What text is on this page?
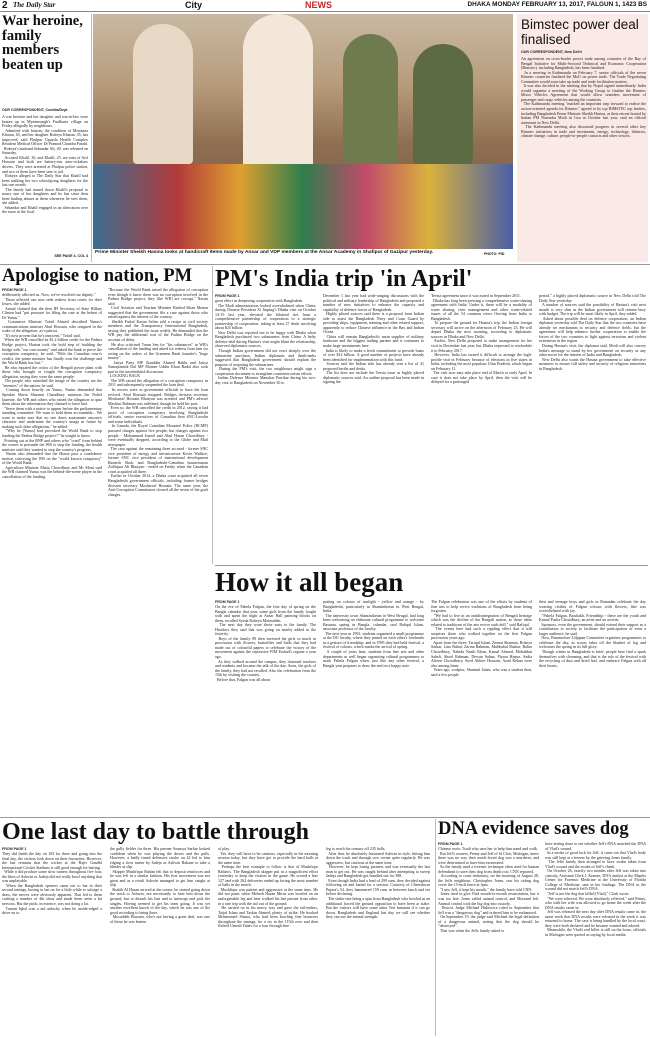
2 The Daily Star	City	NEWS	DHAKA MONDAY FEBRUARY 13, 2017, FALGUN 1, 1423 BS
War heroine, family members beaten up
OUR CORRESPONDENT, Comilla/Dept
A war heroine and her daughter and son-in-law were beaten up in Mymensingh's Fuulbaria village on Friday allegedly by neighbours.
Admitted with bruises, the condition of Momtaza Khatun, 65, and her daughter Rokeya Khatun, 35, has improved, said Phulpur Upazila Health Complex Resident Medical Officer Dr Pramod Chandra Pandit.
Rokeya's husband Sekandar Ali, 40, was released on Saturday.
Accused Khalil, 30, and Khalil, 25, are sons of Arif Hossain and both are battery-run auto-rickshaw drivers. They were arrested at Phulpur police station, and two of them have been sent to jail.
Rokeya alleged to The Daily Star that Khalil had been stalking her two schoolgoing daughters for the last one month.
The family had turned down Khalil's proposal to marry one of her daughters and he has since then been hurling abuses at them whenever he sees them, she added.
Sekandar and Khalil engaged in an altercation over the issue at the local
SEE PAGE 4, COL 3
Prime Minister Sheikh Hasina looks at handicraft items made by Ansar and VDP members at the Ansar Academy in Shafipur of Gazipur yesterday.	PHOTO: PID
Bimstec power deal finalised
OUR CORRESPONDENT, New Delhi
An agreement on cross-border power trade among countries of the Bay of Bengal Initiative for Multi-Sectoral Technical and Economic Cooperation (Bimstec), including Bangladesh, has been finalised.
In a meeting in Kathmandu on February 7, senior officials of the seven Bimstec countries finalised the MoU on power trade. The Trade Negotiating Committee would soon take up trade and trade facilitation matters.
It was also decided in the meeting that by Nepal signed immediately. India would organise a meeting of the Working Group to finalise the Bimstec Motor Vehicles Agreement that would allow seamless movement of passenger and cargo vehicles among the countries.
The Kathmandu meeting "marked an important step forward to realise the action-oriented agenda for Bimstec" agreed to by top BIMSTEC top leaders, including Bangladesh Prime Minister Sheikh Hasina, at their retreat hosted by Indian PM Narendra Modi in Goa in October last year, said an official statement in New Delhi.
The Kathmandu meeting also discussed progress in several other key Bimstec initiatives in trade and investment, energy, technology, fisheries, climate change, culture, people-to-people contacts and other sectors.
Apologise to nation, PM
FROM PAGE 1
deliberately affected us. Now, we've resolved our dignity."
Those affected can now seek redress from courts for their losses, she added.
Amaal claimed that the then IFI Secretary of State Hillary Clinton had "put pressure for filing the case at the behest of Dr Yunus."
Commerce Minister Tofail Ahmed described Yunus's communications minister Abul Hossain, who resigned in the wake of the allegation, as a patriot.
"It's now proven that he's innocent," Tofail said.
When the WB cancelled its $1.2 billion credit for the Padma Bridge project, Hasina took the bold step of building the bridge with "our own money" and asked the bank to prove the corruption conspiracy, he said. "With the Canadian court's verdict, the prime minister has finally won the challenge and the World Bank has lost."
He also equated the critics of the Bengali power plant with those who brought or fought the corruption conspiracy allegation, saying they were the same people.
The people who tarnished the image of the country are the "enemies" of the nation, he said.
Coming down heavily on Yunus, Nasim demanded that Speaker Shirin Sharmin Chaudhury summon the Nobel laureate, the WB and others who raised the allegation to quiz them about the information they claimed to have had.
"Serve them with a notice to appear before the parliamentary standing committee. We want to hold them accountable... We want to make sure that no one dares assassinate anyone's character and undermine the country's image in future by making such false allegations," he added.
"Why he [Yunus] had provoked the World Bank to stop funding the Padma Bridge project?" he sought to know.
Pointing out at the BNP and others who "cried" from behind the scenes to persuade the WB to stop the funding, the health minister said they wanted to stop the country's progress.
Nasim also demanded that the House pass a condolence motion criticising the WB on the "world known conspiracy" of the World Bank.
Agriculture Minister Matia Chowdhury and Mr Moni said the WB claimed Yunus was the behind-the-scene player in the cancellation of the funding.
"Because the World Bank raised the allegation of corruption even though it knew there was no corruption involved in the Padma Bridge project, they [the WB] are corrupt," Nasim said.
Civil Aviation and Tourism Minister Rashed Khan Menon suggested that the government file a case against those who raised against the interest of the country.
Sheikh Fazlul Karim Selim told a recipe at civil society members and the Transparency International Bangladesh, saying they published the issue widely. He demanded that the WB pay the additional cost of the Padma Bridge on the account of delay.
He also criticised Tarun Sen for "his substances" in WB's cancellation of the funding and asked for redress from him for acting on the orders of the Grameen Bank founder's "huge money".
Jatiya Party MP Ziauddin Ahmed Bablu and Jatiya Samajtantrik Dal MP Moinee Uddin Khan Badal also took part in the unscheduled discussion.
LOCKING BACK
The WB raised the allegation of a corruption conspiracy in 2011 and subsequently suspended the loan deal.
Its moves were as government officials to have the loan revived. Abul Hossain resigned. Bridges division secretary Mosharraf Hossain Bhuiyan was arrested and PM's adviser Mashiur Rahman was sidelined, though he held his post.
Even so, the WB cancelled the credit in 2012, saying it had proof of corruption conspiracy involving Bangladeshi officials, senior executives of Canadian firm SNC-Lavalin and some individuals.
In Canada, the Royal Canadian Mounted Police (RCMP) pursued charges against five people, but charges against two people - Mohammad Ismail and Abul Hasan Chowdhury - were eventually dropped, according to the Globe and Mail newspaper.
The case against the remaining three accused - former SNC vice president of energy and infrastructure Kevin Wallace, former SNC vice president of international development Ramesh Shah, and Bangladeshi-Canadian businessman Zulfiquar Ali Bhuiyan - ended on Friday when the Canadian court acquitted all three.
Earlier in October 2014, a Dhaka court acquitted all seven Bangladeshi government officials, including former bridges division secretary Mosharraf Hossain. The same year, the Anti-Corruption Commission cleared all the seven of the graft charges.
PM's India trip 'in April'
FROM PAGE 1
great effect in deepening cooperation with Bangladesh.
The Modi administration looked overwhelmed when China, during Chinese President Xi Jinping's Dhaka visit on October 14-15 last year, elevated the bilateral ties from a comprehensive partnership of cooperation to a strategic partnership of cooperation, inking at least 27 deals involving about $25 billion.
New Delhi was reported not to be happy with Dhaka when Bangladesh purchased two submarines from China. A hefty defence deal during Hasina's visit might blunt the relationship, observed diplomatic sources.
Though Indian government did not react sharply over the submarine purchase, Indian diplomats and think-tanks suggested that Bangladesh government should explain the purpose of acquiring the submarines.
During the PM's visit, the two neighbours might sign a cooperation document to strengthen counterterrorism efforts.
Indian Defence Minister Manohar Parrikar during his two-day visit to Bangladesh on November 30 to
December 1 last year had wide-ranging discussions with the political and military leadership of Bangladesh and proposed a number of new initiatives to enhance the capacity and capability of defence forces of Bangladesh.
Highly placed sources said there is a proposal from Indian side to assist the Bangladesh Navy and Coast Guard by providing ships, equipment, training and other related support, apparently to reduce Chinese influence in the Bay and Indian Ocean.
China will remain Bangladesh's main supplier of military hardware and the biggest trading partner and it continues to make large investments here.
India is likely to make a fresh commitment to provide loans of over $12 billion. A good number of projects have already been identified for implementation with this fund.
Sources said the Indian side has already sent a list of 41 proposed berths and desks.
The list does not include the Teesta issue as highly placed diplomatic sources said. An outline proposal has been made in signing the
Teesta agreement since it was mired in September 2011.
Dhaka has long been pressing a comprehensive water-sharing agreement with India. Under it, there will be a modality of water sharing, river management and other water-related issues of all the 54 common rivers flowing from India to Bangladesh.
To prepare the ground for Hasina's trip, the Indian foreign secretary will arrive on the afternoon of February 23. He will depart Dhaka the next morning, according to diplomatic sources in Dhaka and New Delhi.
Earlier, New Delhi proposed to make arrangement for her visit in December last year, but Dhaka requested to reschedule it to February 2017.
However, India has turned it difficult to arrange the high-profile visit in February because of elections in five states in India, including the most populous Uttar Pradesh, which began on February 11.
The visit now may take place end of March or early April. In case it does not take place by April, then the visit will be delayed for a prolonged
period," a highly placed diplomatic source in New Delhi told The Daily Star yesterday.
A number of sources said the possibility of Hasina's visit next month is very slim as the Indian government will remain busy with budget. The trip will be most likely in April, they added.
Asked about possible deal on defence cooperation, an Indian diplomat yesterday told The Daily Star that the two countries have already set mechanism to security and defence fields, but the agreement will help enhance further cooperation to enable the forces of the two countries to fight against terrorism and violent extremism in the region.
During Hasina's visit, the diplomat said, Modi will also convey India's message to stand by her government on security as any other move for the interest of India and Bangladesh.
New Delhi also wants the Hasina government to take effective measures to ensure full safety and security of religious minorities in Bangladesh.
How it all began
FROM PAGE 1
On the eve of Pahela Falgun, the first day of spring on the Bangla calendar that year, some girls from the family fought with and spent the night at Ansar Hall painting blocks on them, recalled Syeda Rokeya Moinuddin.
The next day they wore those saris to the family. The Hawkers they said that was going on nearby added to the festivity.
Boys of the family 89 then invested the girls so much in procession with flowers, butterflies and birds that they had made out of colourful papers to celebrate the victory of the movement against the repressive FIM Ershad's regime a year ago.
As they walked around the campus, they charmed teachers and students and became the talk of the day. Soon, the girls of the family, they had not recalled. Also the celebration from the 15th by visiting the country.
Before that, Falgun was all about
putting on colours of sunlight - yellow and orange - by Bangladeshi, particularly in Shantiniketan in West Bengal, India.
The university town Shantiniketan in West Bengal, had long been welcoming an elaborate cultural programme to welcome Basanta, spring in Bangla, calendar, said Rafiqul Islam, associate professor of the faculty.
The next year in 1992, students organised a small programme at the DU faculty, where they pasted on each other's foreheads in a gesture of friendship; and in 1995 they had held festival, a festival of colours, which marks the arrival of spring.
A couple of years later, students from fine arts and other departments as well began organising cultural programmes to mark Pahela Falgun when, just like any other festival, a Bangla year prepares to draw the end on a happy note.
The Falgun celebration was one of the efforts by students of fine arts to help revive traditions of Bangladesh from being forgotten.
"We had to live in an antidisintegration of Bengali heritage which was the decline of the Bengali nation, as those ideas related to traditions of the arts revive such dull," said Rafiqul.
The events here had such a rippling effect that it still surprises those who walked together on the first Falgun procession years ago.
Apart from the three, Tariqul Islam, Zeenat Sharmin, Rokeya Sarkar, Lina Babul, Zarina Rahman, Mahbubul Bashar, Bahar Chowdhury, Nahida Nazib Khan, Kamal Ahmed, Mohabbut Saheli, Shoel Rahman, Dewan Sahan, Piyara Haque, Sadia Afreen Chowdhury, Syed Akhter Hossain, Azad Rehan were also among them.
Years ago, sculptor, Shamsul Islam, who was a student then, said a few people
then and teenage boys and girls in Ramadan celebrate the day wearing clothes of Falgun colours with flowers, like was overwhelmed with joy.
"Pahela Falgun, Baishakh, Friendship - these are the youth and Kamal Pasha Chowdhury, an artist and an activist.
Sponsors, even the government, should extend their support as a contribution to society to facilitate the participation of even a larger audience, he said.
Now, Basantotsav Udjapan Committee organises programmes to celebrate the day, as scores takes off the blanket of fog and welcomes the spring in its full glory.
Though winter in Bangladesh is brief, people here find a spark themselves with cleansing, and that is the role of the festival with the recycling of dust and dried leaf, and embrace Falgun with all their hearts.
One last day to battle through
FROM PAGE 1
They did finish the day on 103 for three and going into the final day, the visitors look down on their favourites. However, the last remains that the wicket at the Rajiv Gandhi International Cricket Stadium is still good enough for batting.
While it did produce some slow turners throughout five four, the likes of Ashwin or Jadeja did not really bowl anything that was unplayable.
When the Bangladesh openers came out to bat in their second innings, having to bat on for a little while to salvage a draw, the nerves were obviously apparent. That led to them crafting a number of 4th shots and made them seem a bit nervous. But the pitch, in essence, was not doing a lot.
Tamim Iqbal was a tad unlucky when he inside-edged a drive on to
the gully fielder for three. His partner Soumya Sarkar looked confident when he was playing the drives and the pulls. However, a badly timed defensive stroke on 42 led to him edging a slow turner by Jadeja as Ashwin Rahane to take a blinder at slip.
Skipper Mushfiqur Rahim felt that to deposit reinforces and he was left in a similar fashion. His first movement was not great and as a result Ashwin managed to get him caught at slip.
Shakib Al Hasan arrived at the crease, he started going down the track to Ashwin, not necessarily to beat him down the ground, but to disturb his line and to interrupt and pick the singles. Having seemed to get his team going. It was yet another excellent knock of the day, which he was one of the good recording to being there.
Mosaddek Hossain, who's not having a great deal, was one of those he was beaten
of play.
Yes, they will have to be cautious, especially in the morning session today, but they have got to provide the hard balls at the same time.
Perhaps the best example to follow is that of Mushfiqur Rahim's. The Bangladesh skipper put in a magnificent effort yesterday to keep the visitors in the game. He scored a fine 127 and with 262 deliveries ended up facing the most number of balls in the match.
Mushfiqur was patient and aggressive at the same time. He did not panic when Mehedi Hasan Miraz was bowled on an unforgettable leg and later walked his last partner from other, in a rare trip with the tail out of the ground.
He carried on in his merry way and gave the tail-enders, Taijul Islam and Taskin Ahmed, plenty of strike. He hooked Mohammed Shami, who had been bowling fine bouncers throughout the innings, for a six in the 115th over and then flicked Umesh Yadav for a four through fine
leg to reach his century off 235 balls.
After that, he absolutely frustrated Ashwin in style, hitting him down the track and through cow corner quite regularly. He was aggressive, but cautious at the same time.
However, he kept losing partners and was eventually the last man to get out. He was caught behind after attempting to sweep Jadeja and Bangladesh got bundled out for 388.
Even though India had a lead of 299 runs, they decided against following on and batted for a session. Courtesy of Cheteshwar Pujara's 54, they hammered 159 runs in between lunch and tea before declaring.
The strike-rate being a spin from Bangladesh who bowled as an additional forced the ground opposition to have been at stake. But the visitors will have some other Test batsman if it can go down. Bangladesh and England last day we will see whether they can use the mental strength.
DNA evidence saves dog
FROM PAGE 1
Chinese roots: Tsodi who uses her to help him stand and walk.
But Jeff's owners, Penny and Jeff of St Clair, Michigan, knew there was no way their much-loved dog was a murderer, and were determined to have him exonerated.
So the family used a forensic technique often used for human defendants to save their dog from death row, CNN reported.
According to court testimony, on the morning of August 28, the Jeffs neighbour, Christopher Jones, saw his sitting dog cover the 15-inch fence at 3pm.
"I saw Jeff, it kept his mouth," the family have told CNN.
Jones tried to give Vlad mouth-to-mouth resuscitation, but it was too late. Jones called animal control, and Morrand left. Animal control took the big dog into custody.
District Judge Michael Hukowicz ruled in September that Jeff was a "dangerous dog" and ordered him to be euthanised.
On September 19, the judge said Michael the legal definition of a dangerous animal, noting that the dog should be "destroyed".
That was when the Jeffs family asked to
have testing done to see whether Jeff's DNA matched the DNA of Vlad's wound.
In a stroke of good luck for Jeff, it came out that Vlad's body was still kept at a freezer by the grieving Jones family.
The Jeffs family then arranged to have swabs taken from Vlad's wound and the swabs of Jeff's cheek.
On October 26, exactly two months after Jeff was taken into custody, Assistant Clerk J. Kramer, DNA analyst at the Maples Center for Forensic Medicine at the University of Florida College of Medicine, sent in her findings. The DNA in the wound did not match Jeff's DNA.
"Jeff is not the dog that killed [Vlad]," Clark wrote.
"We were relieved. We were absolutely relieved," said Penny, who with her wife was allowed to go home the week after the DNA results came in.
Jeff was released the next day after DNA results came in, the same week that DNA results were released in the week it was returned to home. The case is being handled by the local court, they were both declared and he became wanted and adored.
Meanwhile, the Vlad's real killer is still on the loose, officials in Michigan were quoted as saying by local media.
